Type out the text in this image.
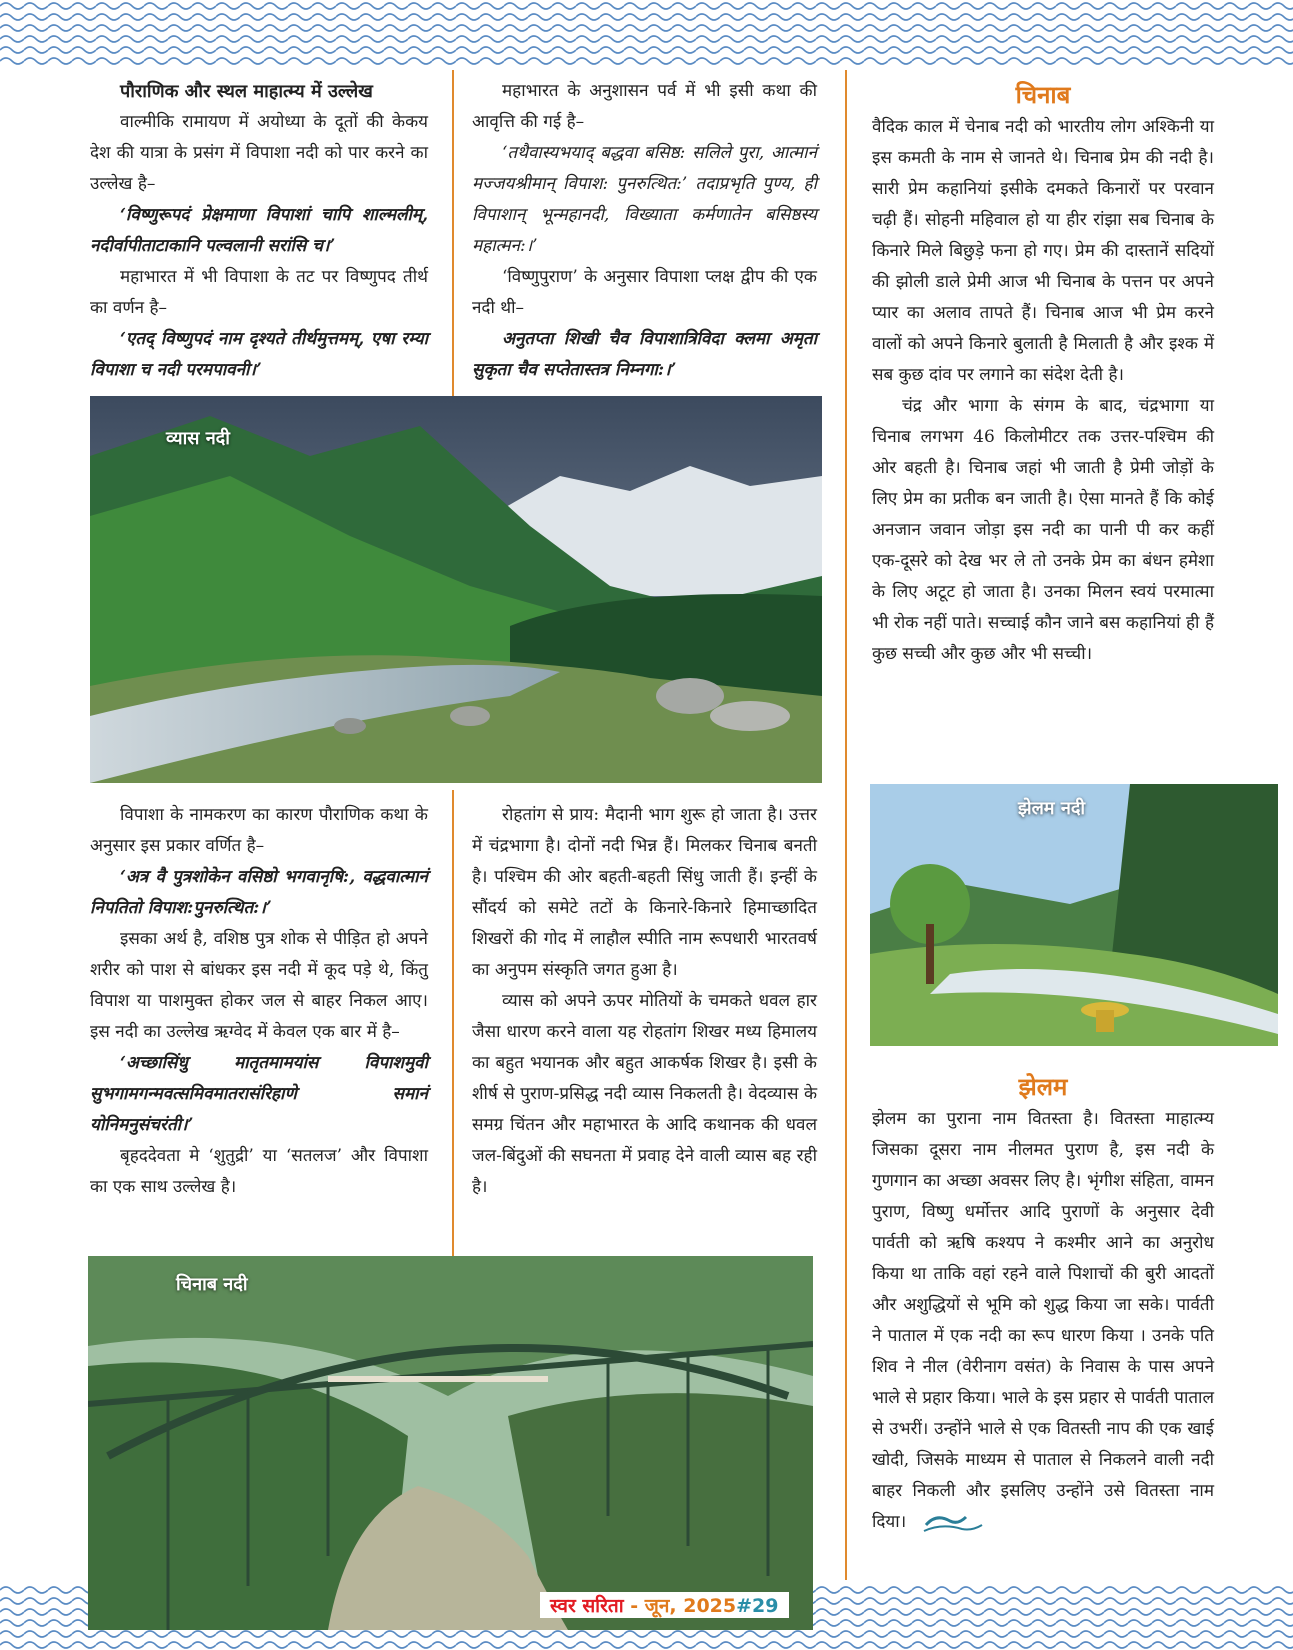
पौराणिक और स्थल माहात्म्य में उल्लेख

वाल्मीकि रामायण में अयोध्या के दूतों की केकय देश की यात्रा के प्रसंग में विपाशा नदी को पार करने का उल्लेख है–

‘विष्णुरूपदं प्रेक्षमाणा विपाशां चापि शाल्मलीम्, नदीर्वापीताटाकानि पल्वलानी सरांसि च।’

महाभारत में भी विपाशा के तट पर विष्णुपद तीर्थ का वर्णन है–

‘एतद् विष्णुपदं नाम दृश्यते तीर्थमुत्तमम्, एषा रम्या विपाशा च नदी परमपावनी।’

महाभारत के अनुशासन पर्व में भी इसी कथा की आवृत्ति की गई है–

‘तथैवास्यभयाद् बद्धवा बसिष्ठ: सलिले पुरा, आत्मानं मज्जयश्रीमान् विपाश: पुनरुत्थित:’ तदाप्रभृति पुण्य, ही विपाशान् भून्महानदी, विख्याता कर्मणातेन बसिष्ठस्य महात्मन:।’

‘विष्णुपुराण’ के अनुसार विपाशा प्लक्ष द्वीप की एक नदी थी–

अनुतप्ता शिखी चैव विपाशात्रिविदा क्लमा अमृता सुकृता चैव सप्तेतास्तत्र निम्नगा:।’

व्यास नदी

विपाशा के नामकरण का कारण पौराणिक कथा के अनुसार इस प्रकार वर्णित है–

‘अत्र वै पुत्रशोकेन वसिष्ठो भगवानृषि:, वद्धवात्मानं निपतितो विपाश:पुनरुत्थित:।’

इसका अर्थ है, वशिष्ठ पुत्र शोक से पीड़ित हो अपने शरीर को पाश से बांधकर इस नदी में कूद पड़े थे, किंतु विपाश या पाशमुक्त होकर जल से बाहर निकल आए। इस नदी का उल्लेख ऋग्वेद में केवल एक बार में है–

‘अच्छासिंधु मातृतमामयांस विपाशमुवी सुभगामगन्मवत्समिवमातरासंरिहाणे समानं योनिमनुसंचरंती।’

बृहददेवता मे ‘शुतुद्री’ या ‘सतलज’ और विपाशा का एक साथ उल्लेख है।

रोहतांग से प्राय: मैदानी भाग शुरू हो जाता है। उत्तर में चंद्रभागा है। दोनों नदी भिन्न हैं। मिलकर चिनाब बनती है। पश्चिम की ओर बहती-बहती सिंधु जाती हैं। इन्हीं के सौंदर्य को समेटे तटों के किनारे-किनारे हिमाच्छादित शिखरों की गोद में लाहौल स्पीति नाम रूपधारी भारतवर्ष का अनुपम संस्कृति जगत हुआ है।

व्यास को अपने ऊपर मोतियों के चमकते धवल हार जैसा धारण करने वाला यह रोहतांग शिखर मध्य हिमालय का बहुत भयानक और बहुत आकर्षक शिखर है। इसी के शीर्ष से पुराण-प्रसिद्ध नदी व्यास निकलती है। वेदव्यास के समग्र चिंतन और महाभारत के आदि कथानक की धवल जल-बिंदुओं की सघनता में प्रवाह देने वाली व्यास बह रही है।

चिनाब नदी
चिनाब

वैदिक काल में चेनाब नदी को भारतीय लोग अश्किनी या इस कमती के नाम से जानते थे। चिनाब प्रेम की नदी है। सारी प्रेम कहानियां इसीके दमकते किनारों पर परवान चढ़ी हैं। सोहनी महिवाल हो या हीर रांझा सब चिनाब के किनारे मिले बिछुड़े फना हो गए। प्रेम की दास्तानें सदियों की झोली डाले प्रेमी आज भी चिनाब के पत्तन पर अपने प्यार का अलाव तापते हैं। चिनाब आज भी प्रेम करने वालों को अपने किनारे बुलाती है मिलाती है और इश्क में सब कुछ दांव पर लगाने का संदेश देती है।

चंद्र और भागा के संगम के बाद, चंद्रभागा या चिनाब लगभग 46 किलोमीटर तक उत्तर-पश्चिम की ओर बहती है। चिनाब जहां भी जाती है प्रेमी जोड़ों के लिए प्रेम का प्रतीक बन जाती है। ऐसा मानते हैं कि कोई अनजान जवान जोड़ा इस नदी का पानी पी कर कहीं एक-दूसरे को देख भर ले तो उनके प्रेम का बंधन हमेशा के लिए अटूट हो जाता है। उनका मिलन स्वयं परमात्मा भी रोक नहीं पाते। सच्चाई कौन जाने बस कहानियां ही हैं कुछ सच्ची और कुछ और भी सच्ची।

झेलम नदी
झेलम

झेलम का पुराना नाम वितस्ता है। वितस्ता माहात्म्य जिसका दूसरा नाम नीलमत पुराण है, इस नदी के गुणगान का अच्छा अवसर लिए है। भृंगीश संहिता, वामन पुराण, विष्णु धर्मोत्तर आदि पुराणों के अनुसार देवी पार्वती को ऋषि कश्यप ने कश्मीर आने का अनुरोध किया था ताकि वहां रहने वाले पिशाचों की बुरी आदतों और अशुद्धियों से भूमि को शुद्ध किया जा सके। पार्वती ने पाताल में एक नदी का रूप धारण किया । उनके पति शिव ने नील (वेरीनाग वसंत) के निवास के पास अपने भाले से प्रहार किया। भाले के इस प्रहार से पार्वती पाताल से उभरीं। उन्होंने भाले से एक वितस्ती नाप की एक खाई खोदी, जिसके माध्यम से पाताल से निकलने वाली नदी बाहर निकली और इसलिए उन्होंने उसे वितस्ता नाम दिया।

स्वर सरिता - जून, 2025#29
